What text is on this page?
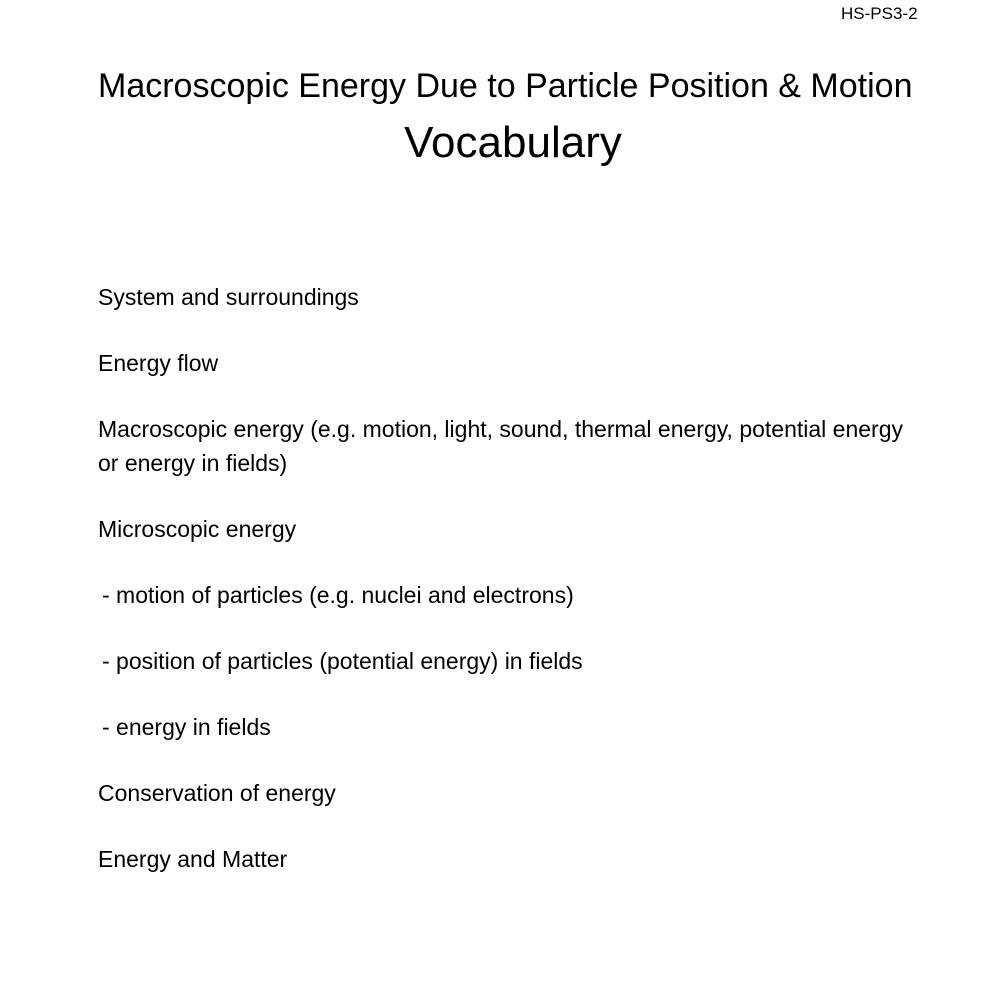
HS-PS3-2
Macroscopic Energy Due to Particle Position & Motion
Vocabulary
System and surroundings
Energy flow
Macroscopic energy (e.g. motion, light, sound, thermal energy, potential energy or energy in fields)
Microscopic energy
- motion of particles (e.g. nuclei and electrons)
- position of particles (potential energy) in fields
- energy in fields
Conservation of energy
Energy and Matter
